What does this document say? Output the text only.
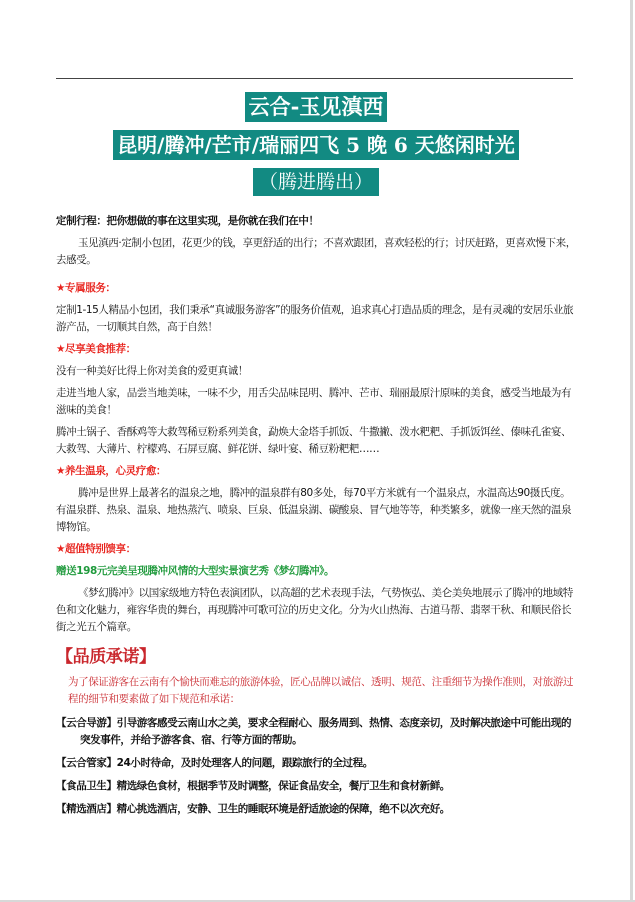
云合-玉见滇西
昆明/腾冲/芒市/瑞丽四飞 5 晚 6 天悠闲时光
（腾进腾出）

定制行程：把你想做的事在这里实现，是你就在我们在中！

玉见滇西·定制小包团，花更少的钱，享更舒适的出行；不喜欢跟团，喜欢轻松的行；讨厌赶路，更喜欢慢下来，去感受。

★专属服务：

定制1-15人精品小包团，我们秉承“真诚服务游客”的服务价值观，追求真心打造品质的理念，是有灵魂的安居乐业旅游产品，一切顺其自然，高于自然！

★尽享美食推荐：

没有一种美好比得上你对美食的爱更真诚！

走进当地人家，品尝当地美味，一味不少，用舌尖品味昆明、腾冲、芒市、瑞丽最原汁原味的美食，感受当地最为有滋味的美食！

腾冲土锅子、香酥鸡等大救驾稀豆粉系列美食，勐焕大金塔手抓饭、牛撒撇、泼水粑粑、手抓饭饵丝、傣味孔雀宴、大救驾、大薄片、柠檬鸡、石屏豆腐、鲜花饼、绿叶宴、稀豆粉粑粑……

★养生温泉，心灵疗愈：

腾冲是世界上最著名的温泉之地，腾冲的温泉群有80多处，每70平方米就有一个温泉点，水温高达90摄氏度。有温泉群、热泉、温泉、地热蒸汽、喷泉、巨泉、低温泉湖、碳酸泉、冒气地等等，种类繁多，就像一座天然的温泉博物馆。

★超值特别馈享：

赠送198元完美呈现腾冲风情的大型实景演艺秀《梦幻腾冲》。

《梦幻腾冲》以国家级地方特色表演团队，以高超的艺术表现手法，气势恢弘、美仑美奂地展示了腾冲的地域特色和文化魅力，雍容华贵的舞台，再现腾冲可歌可泣的历史文化。分为火山热海、古道马帮、翡翠干秋、和顺民俗长街之光五个篇章。

【品质承诺】

为了保证游客在云南有个愉快而难忘的旅游体验，匠心品牌以诚信、透明、规范、注重细节为操作准则，对旅游过程的细节和要素做了如下规范和承诺：

【云合导游】引导游客感受云南山水之美，要求全程耐心、服务周到、热情、态度亲切，及时解决旅途中可能出现的突发事件，并给予游客食、宿、行等方面的帮助。

【云合管家】24小时待命，及时处理客人的问题，跟踪旅行的全过程。

【食品卫生】精选绿色食材，根据季节及时调整，保证食品安全，餐厅卫生和食材新鲜。

【精选酒店】精心挑选酒店，安静、卫生的睡眠环境是舒适旅途的保障，绝不以次充好。
